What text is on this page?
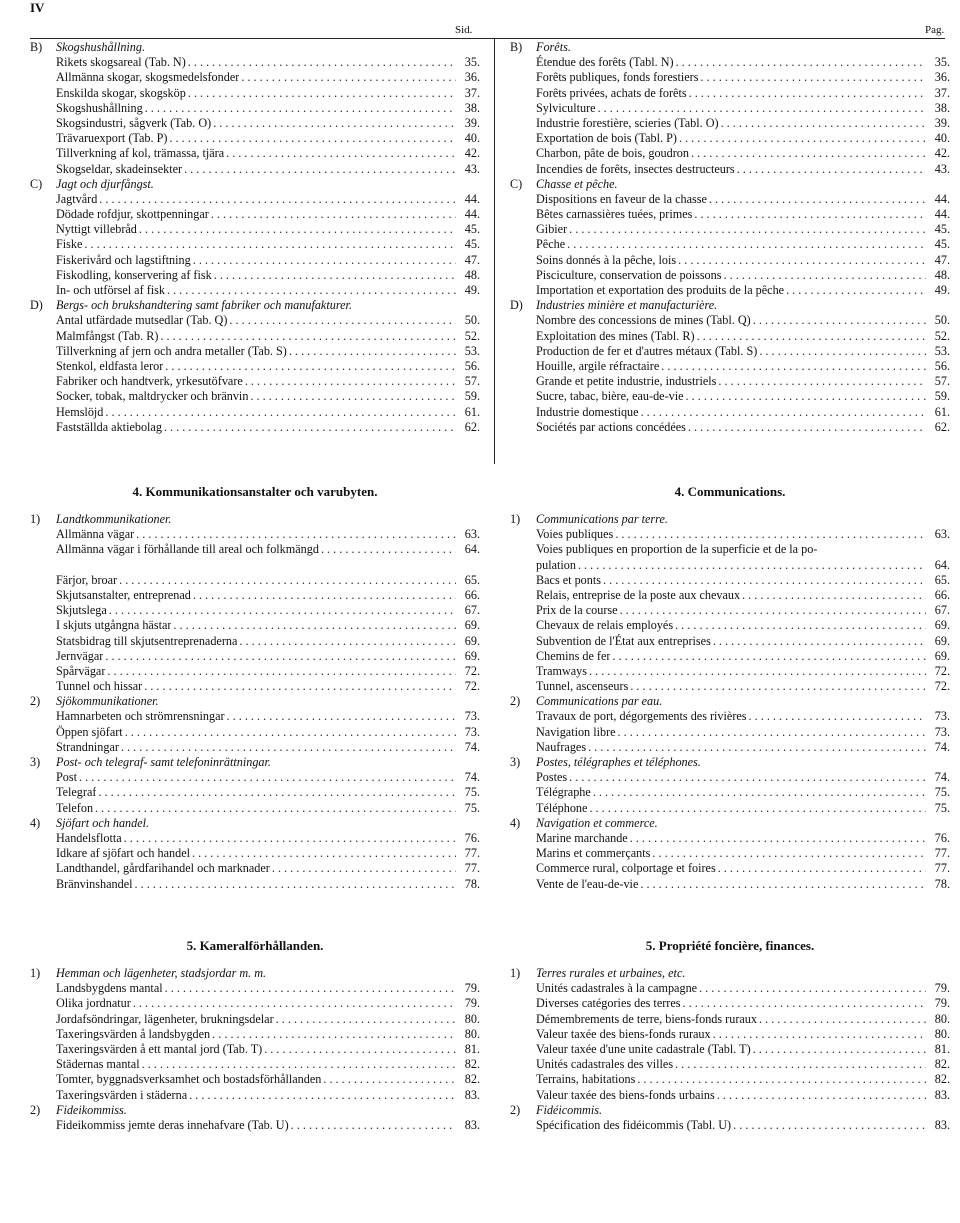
IV
Sid.	Pag.
B)	Skogshushållning.
Rikets skogsareal (Tab. N) . . .	35.
Allmänna skogar, skogsmedelsfonder . . .	36.
Enskilda skogar, skogsköp . . .	37.
Skogshushållning . . .	38.
Skogsindustri, sågverk (Tab. O) . . .	39.
Trävaruexport (Tab. P) . . .	40.
Tillverkning af kol, trämassa, tjära . . .	42.
Skogseldar, skadeinsekter . . .	43.
C)	Jagt och djurfångst.
Jagtvård . . .	44.
Dödade rofdjur, skottpenningar . . .	44.
Nyttigt villebråd . . .	45.
Fiske . . .	45.
Fiskerivård och lagstiftning . . .	47.
Fiskodling, konservering af fisk . . .	48.
In- och utförsel af fisk . . .	49.
D)	Bergs- och brukshandtering samt fabriker och manufakturer.
Antal utfärdade mutsedlar (Tab. Q) . . .	50.
Malmfångst (Tab. R) . . .	52.
Tillverkning af jern och andra metaller (Tab. S) . . .	53.
Stenkol, eldfasta leror . . .	56.
Fabriker och handtverk, yrkesutöfvare . . .	57.
Socker, tobak, maltdrycker och bränvin . . .	59.
Hemslöjd . . .	61.
Fastställda aktiebolag . . .	62.
B)	Forêts.
Étendue des forêts (Tabl. N) . . .	35.
Forêts publiques, fonds forestiers . . .	36.
Forêts privées, achats de forêts . . .	37.
Sylviculture . . .	38.
Industrie forestière, scieries (Tabl. O) . . .	39.
Exportation de bois (Tabl. P) . . .	40.
Charbon, pâte de bois, goudron . . .	42.
Incendies de forêts, insectes destructeurs . . .	43.
C)	Chasse et pêche.
Dispositions en faveur de la chasse . . .	44.
Bêtes carnassières tuées, primes . . .	44.
Gibier . . .	45.
Pêche . . .	45.
Soins donnés à la pêche, lois . . .	47.
Pisciculture, conservation de poissons . . .	48.
Importation et exportation des produits de la pêche . . .	49.
D)	Industries minière et manufacturière.
Nombre des concessions de mines (Tabl. Q) . . .	50.
Exploitation des mines (Tabl. R) . . .	52.
Production de fer et d'autres métaux (Tabl. S) . . .	53.
Houille, argile réfractaire . . .	56.
Grande et petite industrie, industriels . . .	57.
Sucre, tabac, bière, eau-de-vie . . .	59.
Industrie domestique . . .	61.
Sociétés par actions concédées . . .	62.
4. Kommunikationsanstalter och varubyten.	4. Communications.
1)	Landtkommunikationer.
Allmänna vägar . . .	63.
Allmänna vägar i förhållande till areal och folkmängd . . .	64.
Färjor, broar . . .	65.
Skjutsanstalter, entreprenad . . .	66.
Skjutslega . . .	67.
I skjuts utgångna hästar . . .	69.
Statsbidrag till skjutsentreprenaderna . . .	69.
Jernvägar . . .	69.
Spårvägar . . .	72.
Tunnel och hissar . . .	72.
2)	Sjökommunikationer.
Hamnarbeten och strömrensningar . . .	73.
Öppen sjöfart . . .	73.
Strandningar . . .	74.
3)	Post- och telegraf- samt telefoninrättningar.
Post . . .	74.
Telegraf . . .	75.
Telefon . . .	75.
4)	Sjöfart och handel.
Handelsflotta . . .	76.
Idkare af sjöfart och handel . . .	77.
Landthandel, gårdfarihandel och marknader . . .	77.
Bränvinshandel . . .	78.
1)	Communications par terre.
Voies publiques . . .	63.
Voies publiques en proportion de la superficie et de la po-
pulation . . .	64.
Bacs et ponts . . .	65.
Relais, entreprise de la poste aux chevaux . . .	66.
Prix de la course . . .	67.
Chevaux de relais employés . . .	69.
Subvention de l'État aux entreprises . . .	69.
Chemins de fer . . .	69.
Tramways . . .	72.
Tunnel, ascenseurs . . .	72.
2)	Communications par eau.
Travaux de port, dégorgements des rivières . . .	73.
Navigation libre . . .	73.
Naufrages . . .	74.
3)	Postes, télégraphes et téléphones.
Postes . . .	74.
Télégraphe . . .	75.
Téléphone . . .	75.
4)	Navigation et commerce.
Marine marchande . . .	76.
Marins et commerçants . . .	77.
Commerce rural, colportage et foires . . .	77.
Vente de l'eau-de-vie . . .	78.
5. Kameralförhållanden.	5. Propriété foncière, finances.
1)	Hemman och lägenheter, stadsjordar m. m.
Landsbygdens mantal . . .	79.
Olika jordnatur . . .	79.
Jordafsöndringar, lägenheter, brukningsdelar . . .	80.
Taxeringsvärden å landsbygden . . .	80.
Taxeringsvärden å ett mantal jord (Tab. T) . . .	81.
Städernas mantal . . .	82.
Tomter, byggnadsverksamhet och bostadsförhållanden . . .	82.
Taxeringsvärden i städerna . . .	83.
2)	Fideikommiss.
Fideikommiss jemte deras innehafvare (Tab. U) . . .	83.
1)	Terres rurales et urbaines, etc.
Unités cadastrales à la campagne . . .	79.
Diverses catégories des terres . . .	79.
Démembrements de terre, biens-fonds ruraux . . .	80.
Valeur taxée des biens-fonds ruraux . . .	80.
Valeur taxée d'une unite cadastrale (Tabl. T) . . .	81.
Unités cadastrales des villes . . .	82.
Terrains, habitations . . .	82.
Valeur taxée des biens-fonds urbains . . .	83.
2)	Fidéicommis.
Spécification des fidéicommis (Tabl. U) . . .	83.
